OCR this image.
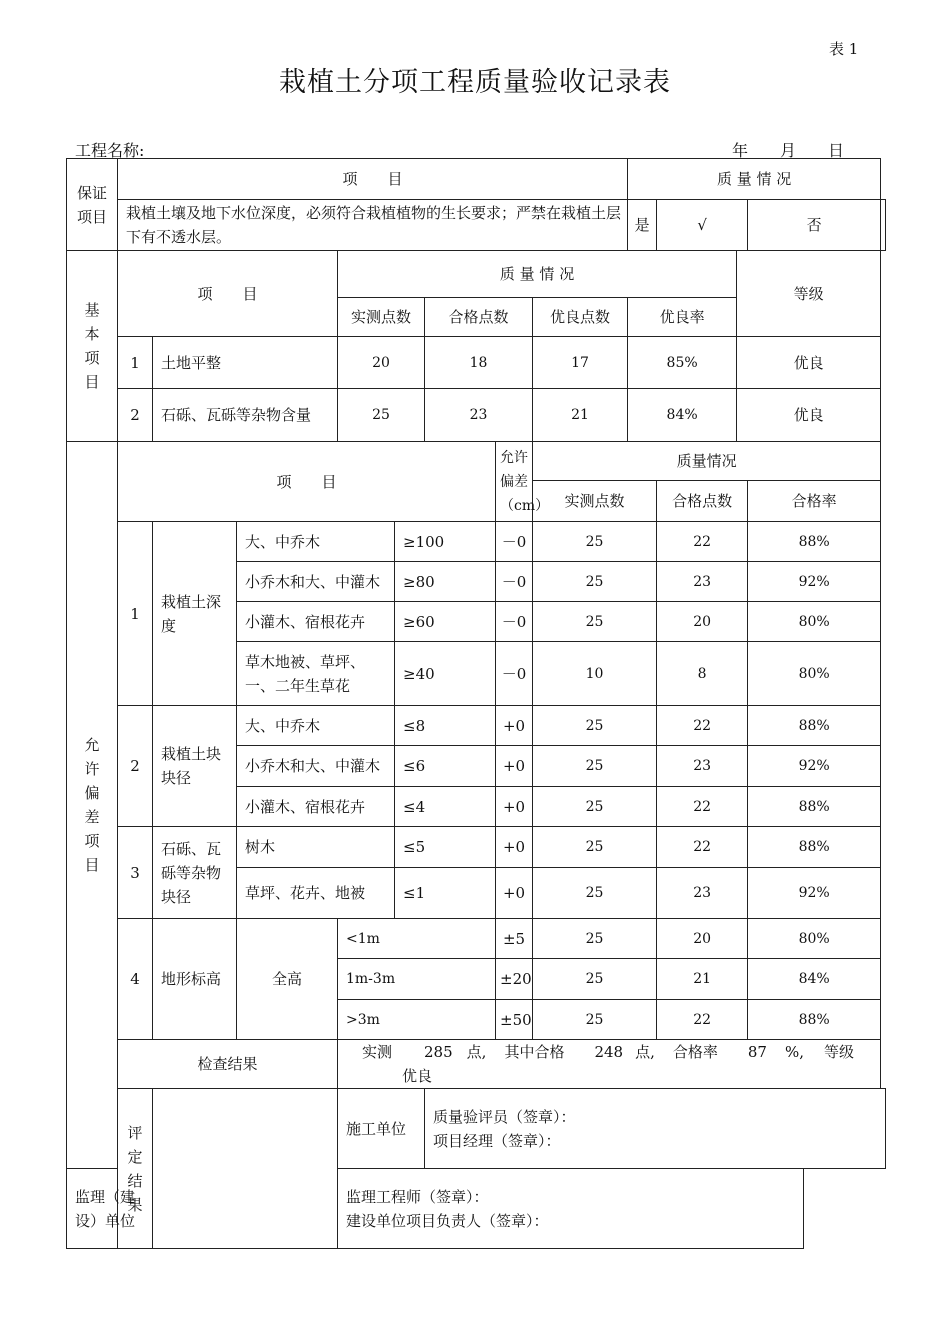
表 1
栽植土分项工程质量验收记录表
工程名称:	年　　月　　日
保证项目	项　　目								质 量 情 况				
	栽植土壤及地下水位深度，必须符合栽植植物的生长要求；严禁在栽植土层下有不透水层。								是	√		否	
基本项目	项　　目			质 量 情 况							等级		
				实测点数		合格点数		优良点数	优良率				
	1	土地平整		20		18		17	85%		优良		
	2	石砾、瓦砾等杂物含量		25		23		21	84%		优良		
允许偏差项目	项　　目						允许偏差（cm）	质量情况					
								实测点数		合格点数		合格率	
	1	栽植土深度	大、中乔木		≥100		－0	25		22		88%	
			小乔木和大、中灌木		≥80		－0	25		23		92%	
			小灌木、宿根花卉		≥60		－0	25		20		80%	
			草木地被、草坪、一、二年生草花		≥40		－0	10		8		80%	
	2	栽植土块块径	大、中乔木		≤8		+0	25		22		88%	
			小乔木和大、中灌木		≤6		+0	25		23		92%	
			小灌木、宿根花卉		≤4		+0	25		22		88%	
	3	石砾、瓦砾等杂物块径	树木		≤5		+0	25		22		88%	
			草坪、花卉、地被		≤1		+0	25		23		92%	
	4	地形标高	全高	<1m			±5	25		20		80%	
				1m-3m			±20	25		21		84%	
				>3m			±50	25		22		88%	
	检查结果			实测 285 点, 其中合格 248 点, 合格率 87 %, 等级优良									
	评定结果			施工单位		质量验评员（签章）：
项目经理（签章）：							

监理（建设）单位				监理工程师（签章）：
建设单位项目负责人（签章）：									
